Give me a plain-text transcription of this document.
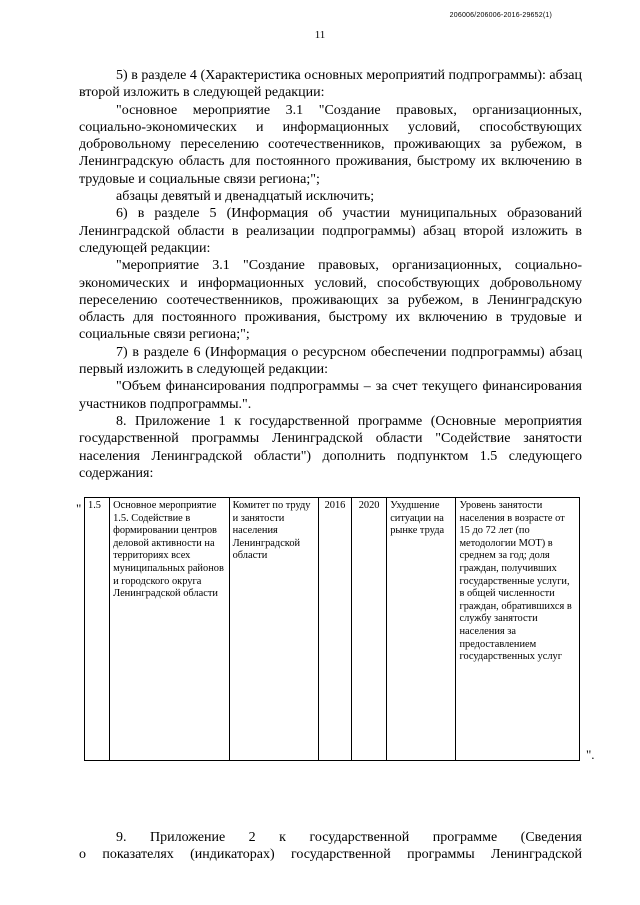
206006/206006-2016-29652(1)
11

5) в разделе 4 (Характеристика основных мероприятий подпрограммы): абзац второй изложить в следующей редакции:

"основное мероприятие 3.1 "Создание правовых, организационных, социально-экономических и информационных условий, способствующих добровольному переселению соотечественников, проживающих за рубежом, в Ленинградскую область для постоянного проживания, быстрому их включению в трудовые и социальные связи региона;";

абзацы девятый и двенадцатый исключить;

6) в разделе 5 (Информация об участии муниципальных образований Ленинградской области в реализации подпрограммы) абзац второй изложить в следующей редакции:

"мероприятие 3.1 "Создание правовых, организационных, социально-экономических и информационных условий, способствующих добровольному переселению соотечественников, проживающих за рубежом, в Ленинградскую область для постоянного проживания, быстрому их включению в трудовые и социальные связи региона;";

7) в разделе 6 (Информация о ресурсном обеспечении подпрограммы) абзац первый изложить в следующей редакции:

"Объем финансирования подпрограммы – за счет текущего финансирования участников подпрограммы.".

8. Приложение 1 к государственной программе (Основные мероприятия государственной программы Ленинградской области "Содействие занятости населения Ленинградской области") дополнить подпунктом 1.5 следующего содержания:

" 1.5	Основное мероприятие 1.5. Содействие в формировании центров деловой активности на территориях всех муниципальных районов и городского округа Ленинградской области	Комитет по труду и занятости населения Ленинградской области	2016	2020	Ухудшение ситуации на рынке труда	Уровень занятости населения в возрасте от 15 до 72 лет (по методологии МОТ) в среднем за год; доля граждан, получивших государственные услуги, в общей численности граждан, обратившихся в службу занятости населения за предоставлением государственных услуг
".

9. Приложение 2 к государственной программе (Сведения

о показателях (индикаторах) государственной программы Ленинградской
